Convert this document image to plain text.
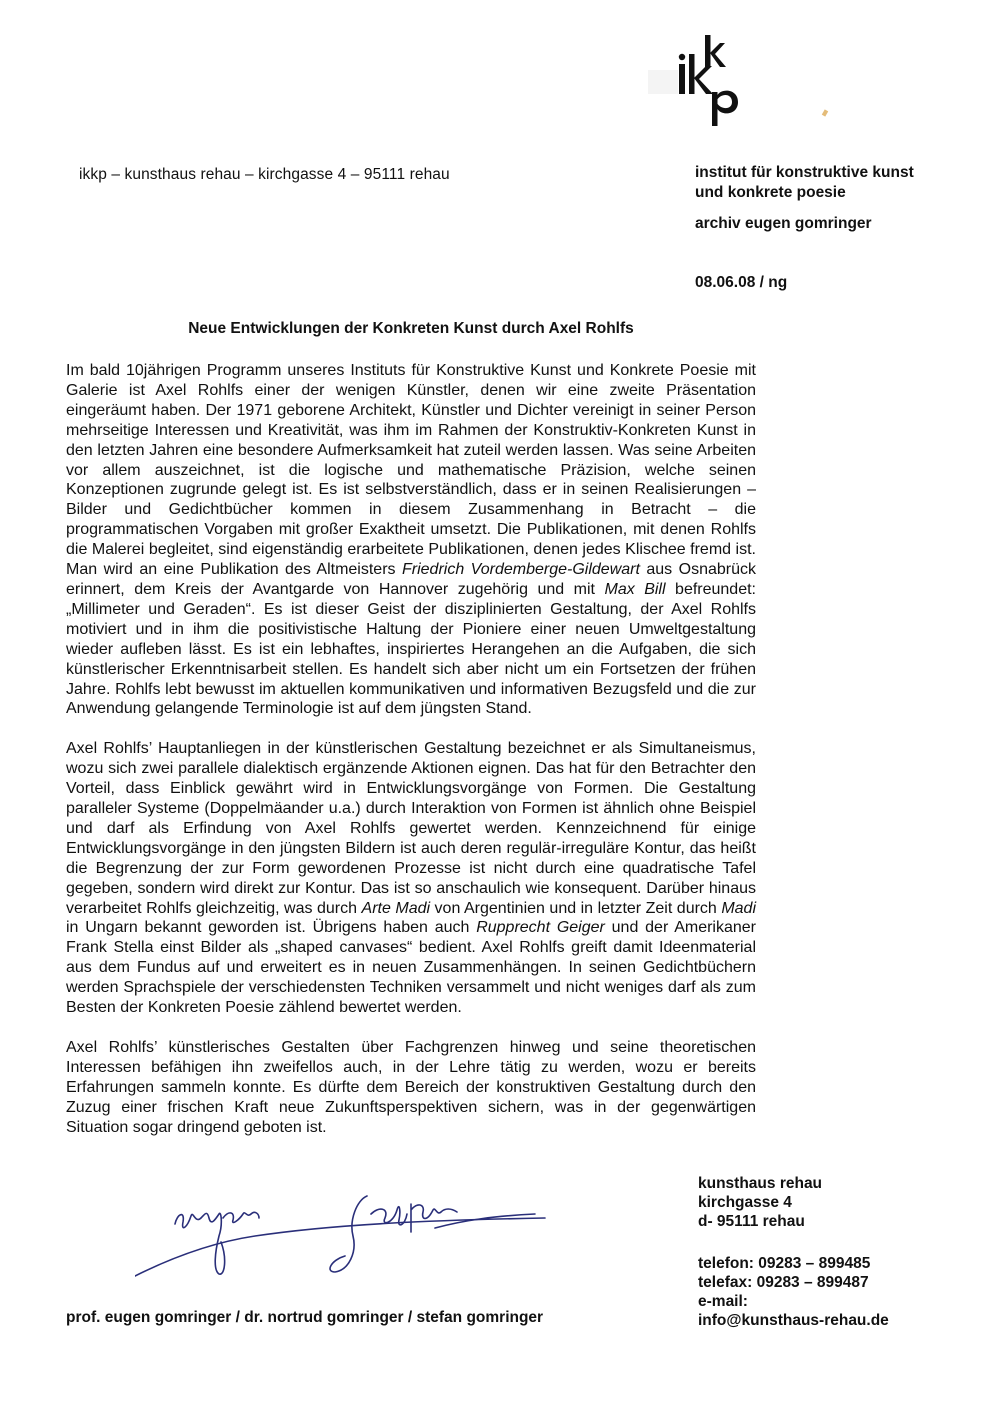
ikkp – kunsthaus rehau – kirchgasse 4 – 95111 rehau	institut für konstruktive kunst
und konkrete poesie
archiv eugen gomringer
08.06.08 / ng
Neue Entwicklungen der Konkreten Kunst durch Axel Rohlfs

Im bald 10jährigen Programm unseres Instituts für Konstruktive Kunst und Konkrete Poesie mit Galerie ist Axel Rohlfs einer der wenigen Künstler, denen wir eine zweite Präsentation eingeräumt haben. Der 1971 geborene Architekt, Künstler und Dichter vereinigt in seiner Person mehrseitige Interessen und Kreativität, was ihm im Rahmen der Konstruktiv-Konkreten Kunst in den letzten Jahren eine besondere Aufmerksamkeit hat zuteil werden lassen. Was seine Arbeiten vor allem auszeichnet, ist die logische und mathematische Präzision, welche seinen Konzeptionen zugrunde gelegt ist. Es ist selbstverständlich, dass er in seinen Realisierungen – Bilder und Gedichtbücher kommen in diesem Zusammenhang in Betracht – die programmatischen Vorgaben mit großer Exaktheit umsetzt. Die Publikationen, mit denen Rohlfs die Malerei begleitet, sind eigenständig erarbeitete Publikationen, denen jedes Klischee fremd ist. Man wird an eine Publikation des Altmeisters Friedrich Vordemberge-Gildewart aus Osnabrück erinnert, dem Kreis der Avantgarde von Hannover zugehörig und mit Max Bill befreundet: „Millimeter und Geraden“. Es ist dieser Geist der disziplinierten Gestaltung, der Axel Rohlfs motiviert und in ihm die positivistische Haltung der Pioniere einer neuen Umweltgestaltung wieder aufleben lässt. Es ist ein lebhaftes, inspiriertes Herangehen an die Aufgaben, die sich künstlerischer Erkenntnisarbeit stellen. Es handelt sich aber nicht um ein Fortsetzen der frühen Jahre. Rohlfs lebt bewusst im aktuellen kommunikativen und informativen Bezugsfeld und die zur Anwendung gelangende Terminologie ist auf dem jüngsten Stand.

Axel Rohlfs’ Hauptanliegen in der künstlerischen Gestaltung bezeichnet er als Simultaneismus, wozu sich zwei parallele dialektisch ergänzende Aktionen eignen. Das hat für den Betrachter den Vorteil, dass Einblick gewährt wird in Entwicklungsvorgänge von Formen. Die Gestaltung paralleler Systeme (Doppelmäander u.a.) durch Interaktion von Formen ist ähnlich ohne Beispiel und darf als Erfindung von Axel Rohlfs gewertet werden. Kennzeichnend für einige Entwicklungsvorgänge in den jüngsten Bildern ist auch deren regulär-irreguläre Kontur, das heißt die Begrenzung der zur Form gewordenen Prozesse ist nicht durch eine quadratische Tafel gegeben, sondern wird direkt zur Kontur. Das ist so anschaulich wie konsequent. Darüber hinaus verarbeitet Rohlfs gleichzeitig, was durch Arte Madi von Argentinien und in letzter Zeit durch Madi in Ungarn bekannt geworden ist. Übrigens haben auch Rupprecht Geiger und der Amerikaner Frank Stella einst Bilder als „shaped canvases“ bedient. Axel Rohlfs greift damit Ideenmaterial aus dem Fundus auf und erweitert es in neuen Zusammenhängen. In seinen Gedichtbüchern werden Sprachspiele der verschiedensten Techniken versammelt und nicht weniges darf als zum Besten der Konkreten Poesie zählend bewertet werden.

Axel Rohlfs’ künstlerisches Gestalten über Fachgrenzen hinweg und seine theoretischen Interessen befähigen ihn zweifellos auch, in der Lehre tätig zu werden, wozu er bereits Erfahrungen sammeln konnte. Es dürfte dem Bereich der konstruktiven Gestaltung durch den Zuzug einer frischen Kraft neue Zukunftsperspektiven sichern, was in der gegenwärtigen Situation sogar dringend geboten ist.

prof. eugen gomringer / dr. nortrud gomringer / stefan gomringer
kunsthaus rehau
kirchgasse 4
d- 95111 rehau
telefon: 09283 – 899485
telefax: 09283 – 899487
e-mail:
info@kunsthaus-rehau.de
